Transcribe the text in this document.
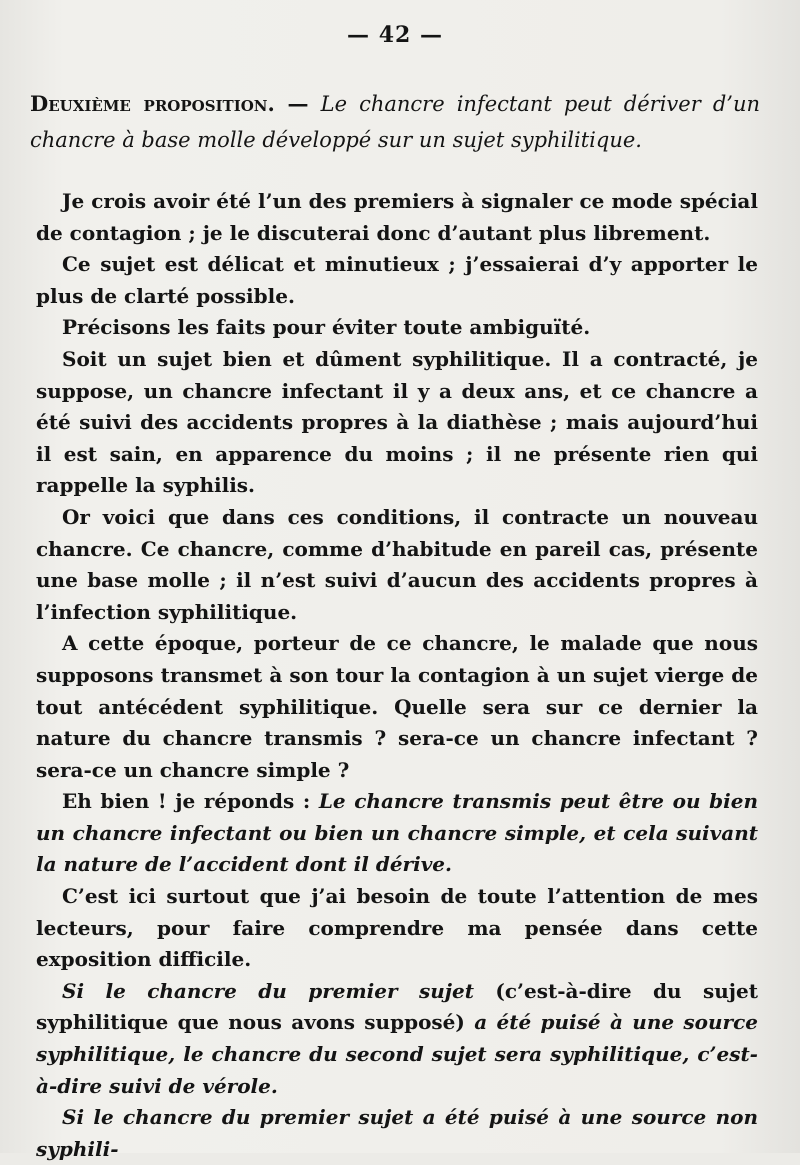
— 42 —
Deuxième proposition. — Le chancre infectant peut dériver d’un chancre à base molle développé sur un sujet syphilitique.

Je crois avoir été l’un des premiers à signaler ce mode spécial de contagion ; je le discuterai donc d’autant plus librement.

Ce sujet est délicat et minutieux ; j’essaierai d’y apporter le plus de clarté possible.

Précisons les faits pour éviter toute ambiguïté.

Soit un sujet bien et dûment syphilitique. Il a contracté, je suppose, un chancre infectant il y a deux ans, et ce chancre a été suivi des accidents propres à la diathèse ; mais aujourd’hui il est sain, en apparence du moins ; il ne présente rien qui rappelle la syphilis.

Or voici que dans ces conditions, il contracte un nouveau chancre. Ce chancre, comme d’habitude en pareil cas, présente une base molle ; il n’est suivi d’aucun des accidents propres à l’infection syphilitique.

A cette époque, porteur de ce chancre, le malade que nous supposons transmet à son tour la contagion à un sujet vierge de tout antécédent syphilitique. Quelle sera sur ce dernier la nature du chancre transmis ? sera-ce un chancre infectant ? sera-ce un chancre simple ?

Eh bien ! je réponds : Le chancre transmis peut être ou bien un chancre infectant ou bien un chancre simple, et cela suivant la nature de l’accident dont il dérive.

C’est ici surtout que j’ai besoin de toute l’attention de mes lecteurs, pour faire comprendre ma pensée dans cette exposition difficile.

Si le chancre du premier sujet (c’est-à-dire du sujet syphilitique que nous avons supposé) a été puisé à une source syphilitique, le chancre du second sujet sera syphilitique, c’est-à-dire suivi de vérole.

Si le chancre du premier sujet a été puisé à une source non syphili-
